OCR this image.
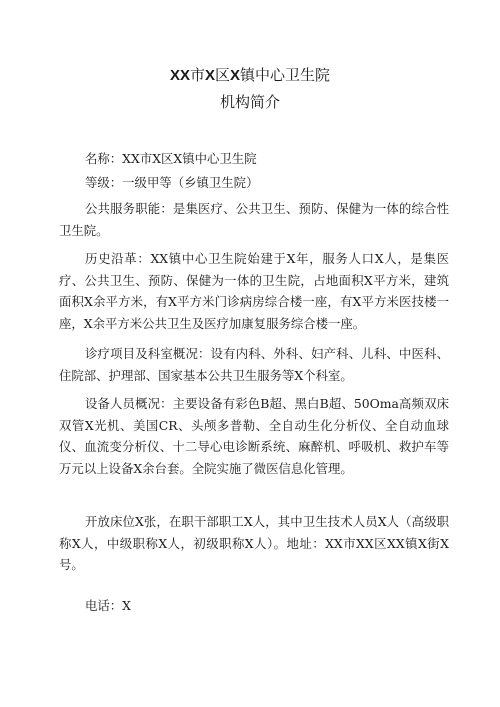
XX市X区X镇中心卫生院
机构简介

名称：XX市X区X镇中心卫生院

等级：一级甲等（乡镇卫生院）

公共服务职能：是集医疗、公共卫生、预防、保健为一体的综合性卫生院。

历史沿革：XX镇中心卫生院始建于X年，服务人口X人，是集医疗、公共卫生、预防、保健为一体的卫生院，占地面积X平方米，建筑面积X余平方米，有X平方米门诊病房综合楼一座，有X平方米医技楼一座，X余平方米公共卫生及医疗加康复服务综合楼一座。

诊疗项目及科室概况：设有内科、外科、妇产科、儿科、中医科、住院部、护理部、国家基本公共卫生服务等X个科室。

设备人员概况：主要设备有彩色B超、黑白B超、50Oma高频双床双管X光机、美国CR、头颅多普勒、全自动生化分析仪、全自动血球仪、血流变分析仪、十二导心电诊断系统、麻醉机、呼吸机、救护车等万元以上设备X余台套。全院实施了微医信息化管理。

开放床位X张，在职干部职工X人，其中卫生技术人员X人（高级职称X人，中级职称X人，初级职称X人）。地址：XX市XX区XX镇X街X号。

电话：X
